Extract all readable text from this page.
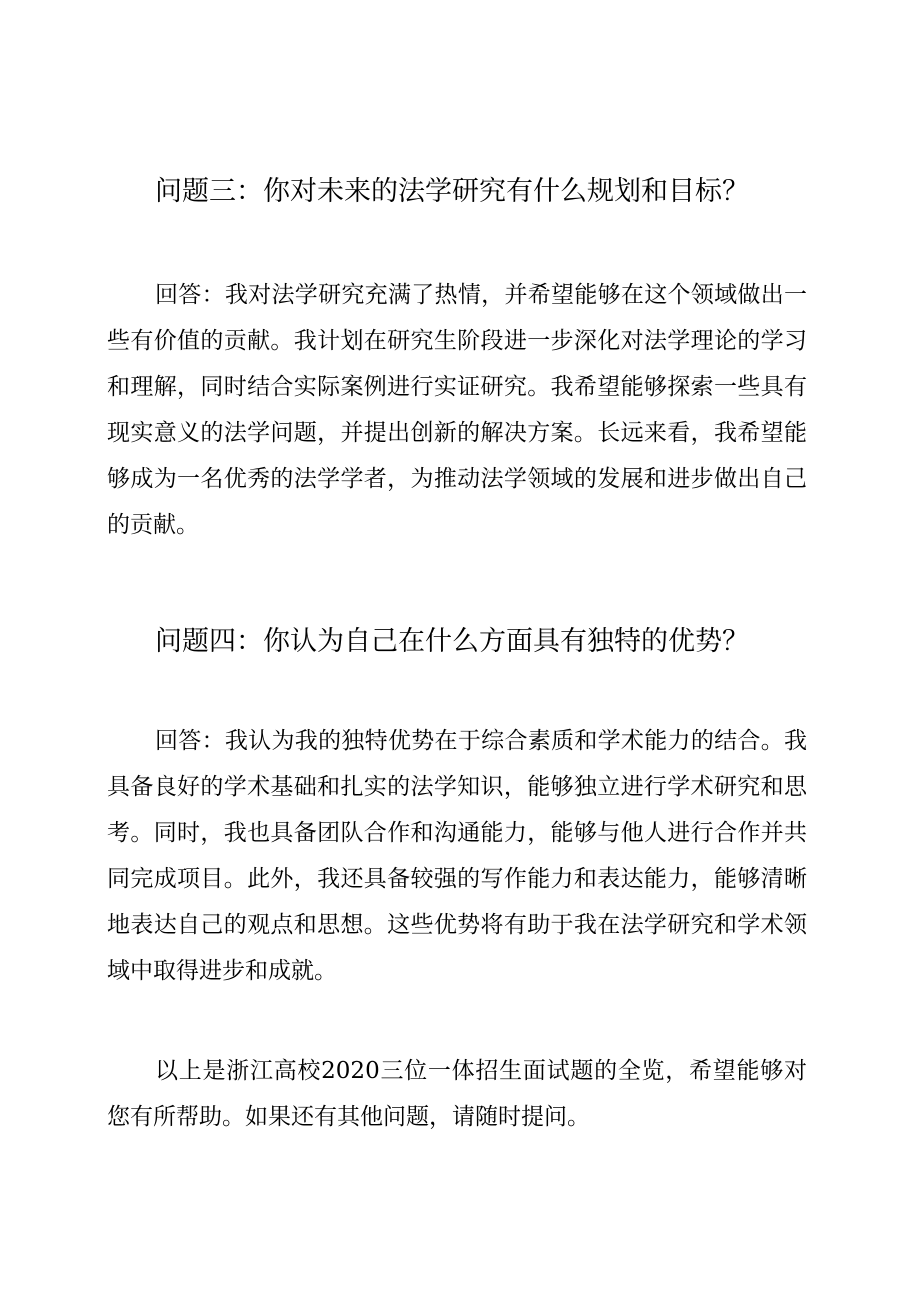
问题三：你对未来的法学研究有什么规划和目标？

回答：我对法学研究充满了热情，并希望能够在这个领域做出一些有价值的贡献。我计划在研究生阶段进一步深化对法学理论的学习和理解，同时结合实际案例进行实证研究。我希望能够探索一些具有现实意义的法学问题，并提出创新的解决方案。长远来看，我希望能够成为一名优秀的法学学者，为推动法学领域的发展和进步做出自己的贡献。

问题四：你认为自己在什么方面具有独特的优势？

回答：我认为我的独特优势在于综合素质和学术能力的结合。我具备良好的学术基础和扎实的法学知识，能够独立进行学术研究和思考。同时，我也具备团队合作和沟通能力，能够与他人进行合作并共同完成项目。此外，我还具备较强的写作能力和表达能力，能够清晰地表达自己的观点和思想。这些优势将有助于我在法学研究和学术领域中取得进步和成就。

以上是浙江高校2020三位一体招生面试题的全览，希望能够对您有所帮助。如果还有其他问题，请随时提问。
